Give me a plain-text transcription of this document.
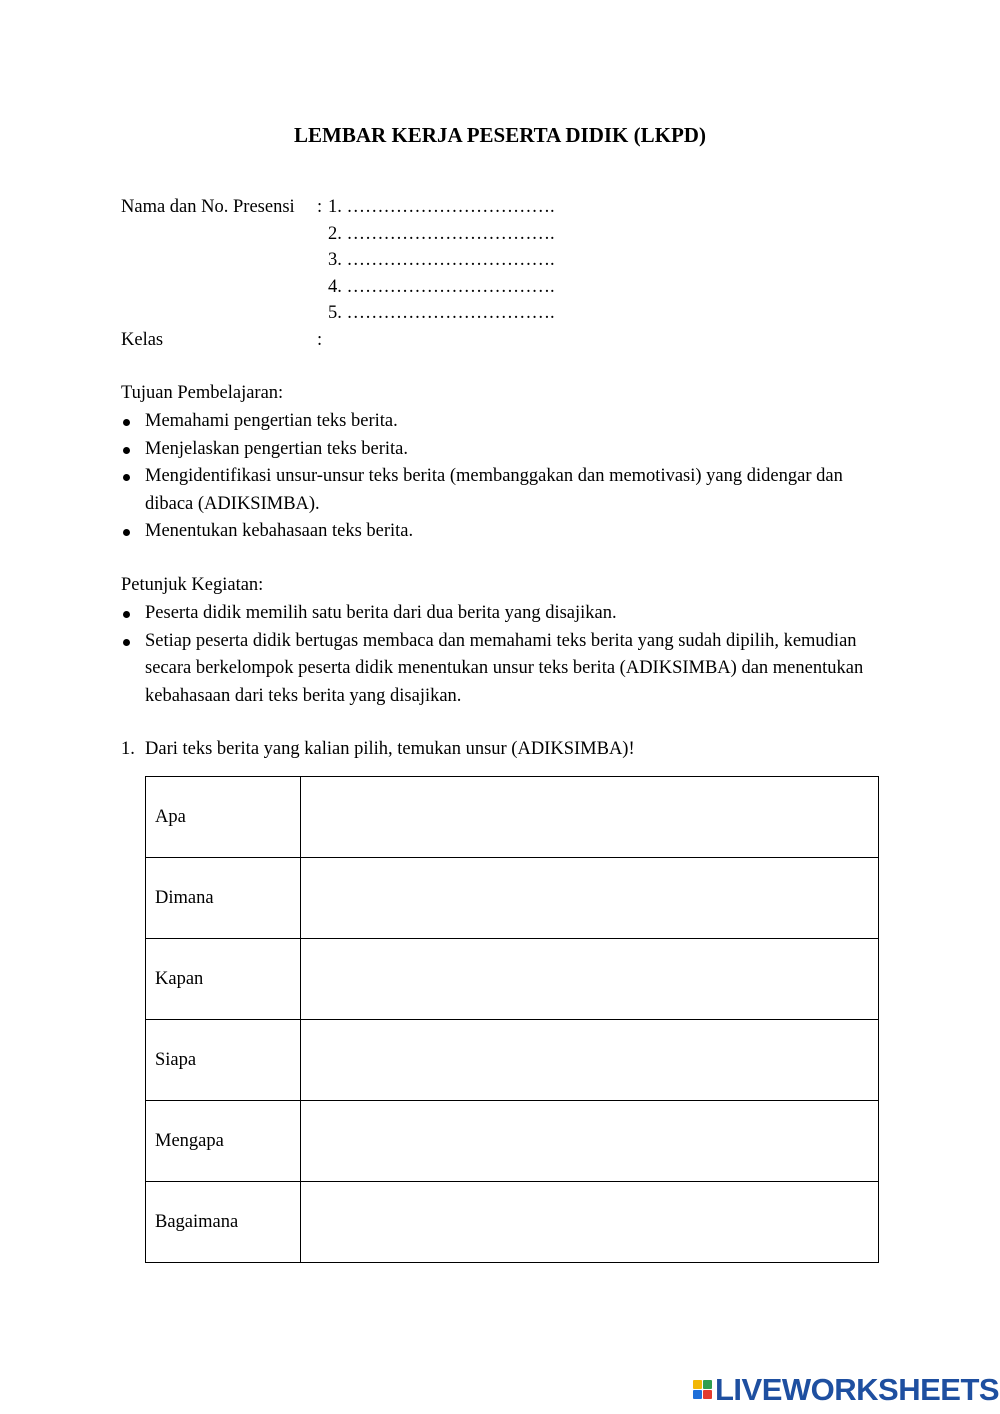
LEMBAR KERJA PESERTA DIDIK (LKPD)
Nama dan No. Presensi : 1. …………………………….
2. …………………………….
3. …………………………….
4. …………………………….
5. …………………………….
Kelas	:
Tujuan Pembelajaran:
Memahami pengertian teks berita.
Menjelaskan pengertian teks berita.
Mengidentifikasi unsur-unsur teks berita (membanggakan dan memotivasi) yang didengar dan dibaca (ADIKSIMBA).
Menentukan kebahasaan teks berita.
Petunjuk Kegiatan:
Peserta didik memilih satu berita dari dua berita yang disajikan.
Setiap peserta didik bertugas membaca dan memahami teks berita yang sudah dipilih, kemudian secara berkelompok peserta didik menentukan unsur teks berita (ADIKSIMBA) dan menentukan kebahasaan dari teks berita yang disajikan.
1. Dari teks berita yang kalian pilih, temukan unsur (ADIKSIMBA)!
Apa	
Dimana	
Kapan	
Siapa	
Mengapa	
Bagaimana	
LIVEWORKSHEETS
